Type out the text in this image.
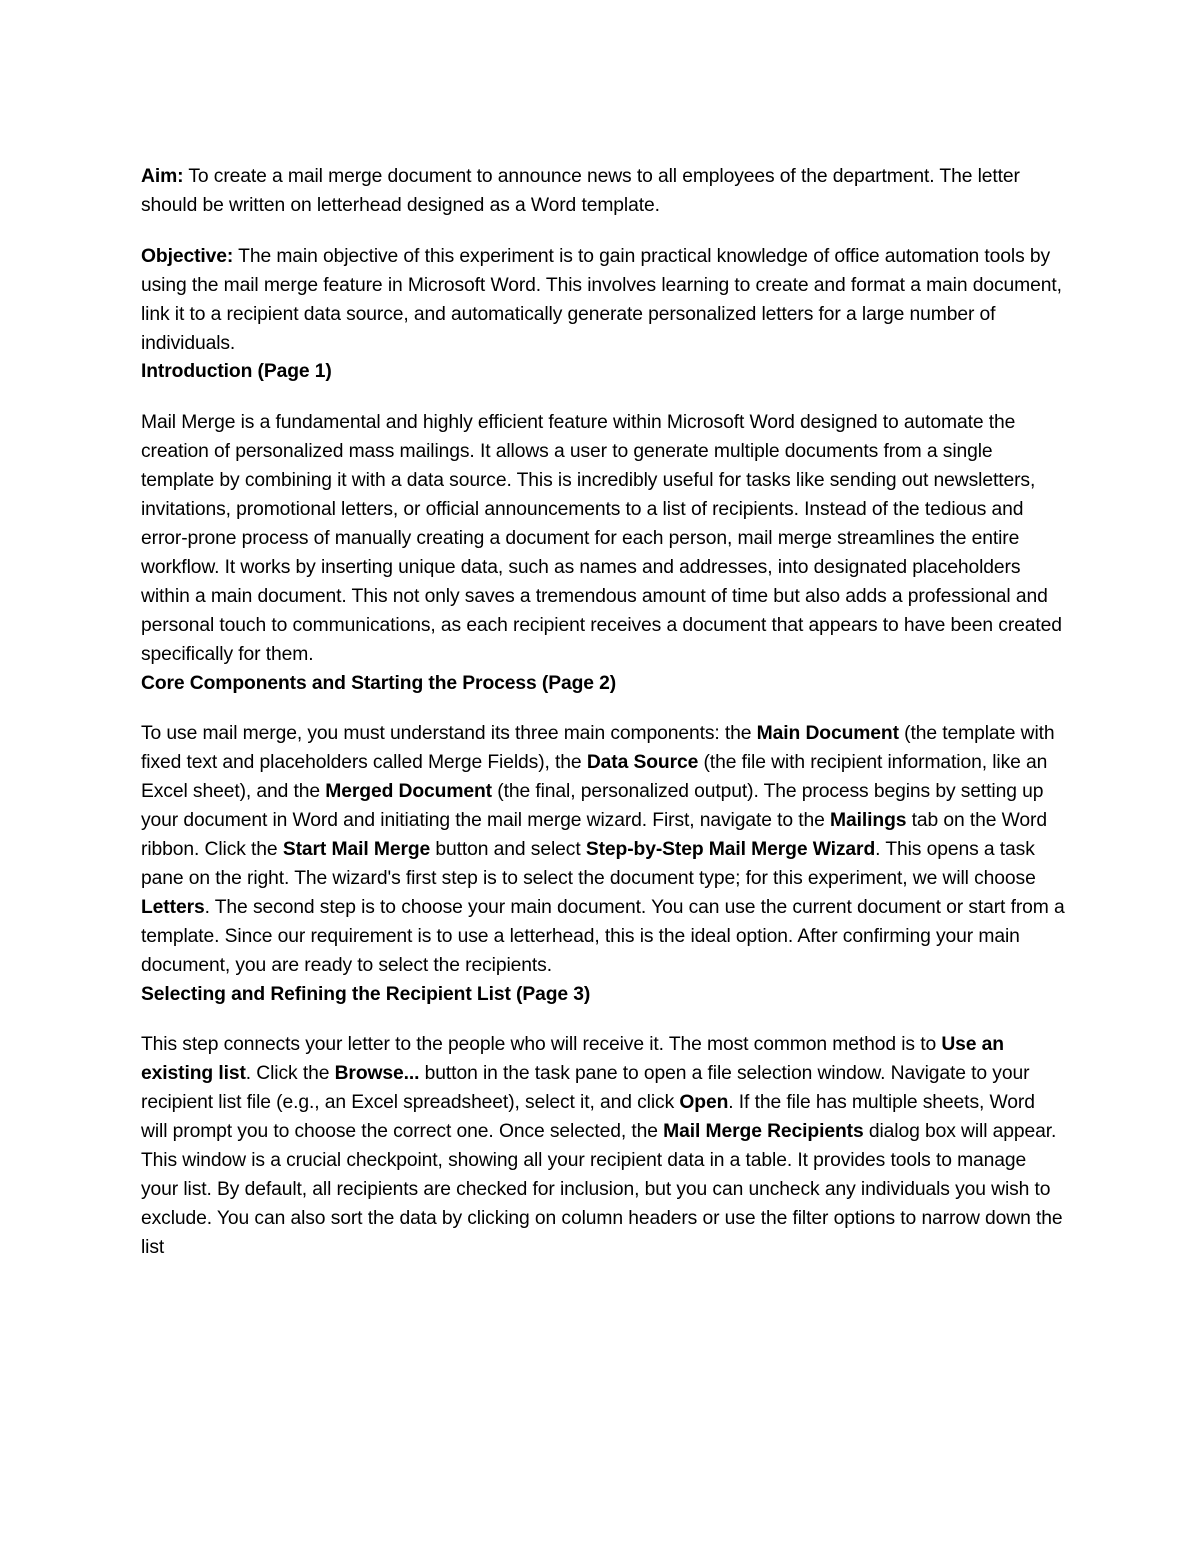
Aim: To create a mail merge document to announce news to all employees of the department. The letter should be written on letterhead designed as a Word template.

Objective: The main objective of this experiment is to gain practical knowledge of office automation tools by using the mail merge feature in Microsoft Word. This involves learning to create and format a main document, link it to a recipient data source, and automatically generate personalized letters for a large number of individuals.

Introduction (Page 1)

Mail Merge is a fundamental and highly efficient feature within Microsoft Word designed to automate the creation of personalized mass mailings. It allows a user to generate multiple documents from a single template by combining it with a data source. This is incredibly useful for tasks like sending out newsletters, invitations, promotional letters, or official announcements to a list of recipients. Instead of the tedious and error-prone process of manually creating a document for each person, mail merge streamlines the entire workflow. It works by inserting unique data, such as names and addresses, into designated placeholders within a main document. This not only saves a tremendous amount of time but also adds a professional and personal touch to communications, as each recipient receives a document that appears to have been created specifically for them.

Core Components and Starting the Process (Page 2)

To use mail merge, you must understand its three main components: the Main Document (the template with fixed text and placeholders called Merge Fields), the Data Source (the file with recipient information, like an Excel sheet), and the Merged Document (the final, personalized output). The process begins by setting up your document in Word and initiating the mail merge wizard. First, navigate to the Mailings tab on the Word ribbon. Click the Start Mail Merge button and select Step-by-Step Mail Merge Wizard. This opens a task pane on the right. The wizard's first step is to select the document type; for this experiment, we will choose Letters. The second step is to choose your main document. You can use the current document or start from a template. Since our requirement is to use a letterhead, this is the ideal option. After confirming your main document, you are ready to select the recipients.

Selecting and Refining the Recipient List (Page 3)

This step connects your letter to the people who will receive it. The most common method is to Use an existing list. Click the Browse... button in the task pane to open a file selection window. Navigate to your recipient list file (e.g., an Excel spreadsheet), select it, and click Open. If the file has multiple sheets, Word will prompt you to choose the correct one. Once selected, the Mail Merge Recipients dialog box will appear. This window is a crucial checkpoint, showing all your recipient data in a table. It provides tools to manage your list. By default, all recipients are checked for inclusion, but you can uncheck any individuals you wish to exclude. You can also sort the data by clicking on column headers or use the filter options to narrow down the list
